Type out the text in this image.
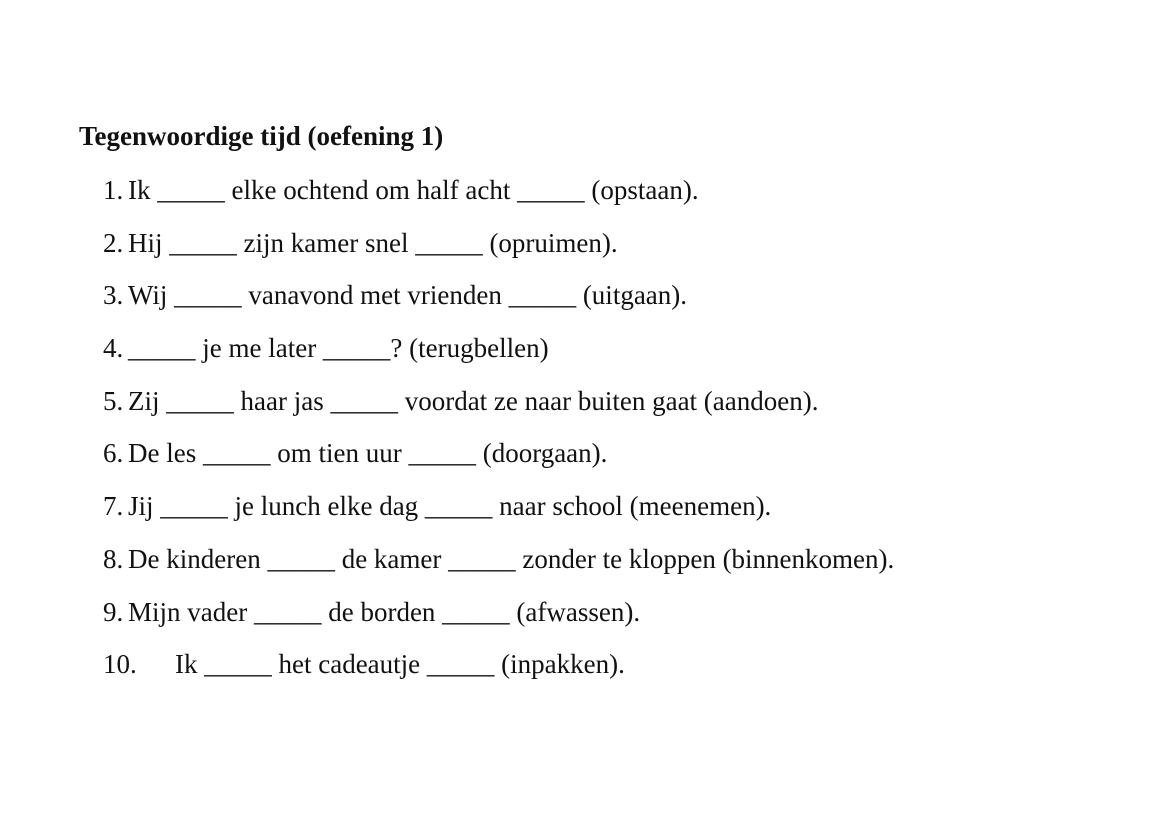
Tegenwoordige tijd (oefening 1)
1. Ik _____ elke ochtend om half acht _____ (opstaan).
2. Hij _____ zijn kamer snel _____ (opruimen).
3. Wij _____ vanavond met vrienden _____ (uitgaan).
4. _____ je me later _____? (terugbellen)
5. Zij _____ haar jas _____ voordat ze naar buiten gaat (aandoen).
6. De les _____ om tien uur _____ (doorgaan).
7. Jij _____ je lunch elke dag _____ naar school (meenemen).
8. De kinderen _____ de kamer _____ zonder te kloppen (binnenkomen).
9. Mijn vader _____ de borden _____ (afwassen).
10.	Ik _____ het cadeautje _____ (inpakken).
